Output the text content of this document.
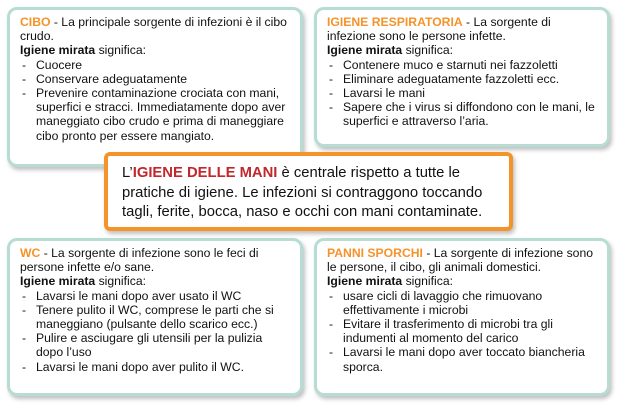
CIBO - La principale sorgente di infezioni è il cibo crudo.

Igiene mirata significa:

- Cuocere
- Conservare adeguatamente
- Prevenire contaminazione crociata con mani, superfici e stracci. Immediatamente dopo aver maneggiato cibo crudo e prima di maneggiare cibo pronto per essere mangiato.

IGIENE RESPIRATORIA - La sorgente di infezione sono le persone infette.

Igiene mirata significa:

- Contenere muco e starnuti nei fazzoletti
- Eliminare adeguatamente fazzoletti ecc.
- Lavarsi le mani
- Sapere che i virus si diffondono con le mani, le superfici e attraverso l’aria.

WC - La sorgente di infezione sono le feci di persone infette e/o sane.

Igiene mirata significa:

- Lavarsi le mani dopo aver usato il WC
- Tenere pulito il WC, comprese le parti che si maneggiano (pulsante dello scarico ecc.)
- Pulire e asciugare gli utensili per la pulizia dopo l’uso
- Lavarsi le mani dopo aver pulito il WC.

PANNI SPORCHI - La sorgente di infezione sono le persone, il cibo, gli animali domestici.

Igiene mirata significa:

- usare cicli di lavaggio che rimuovano effettivamente i microbi
- Evitare il trasferimento di microbi tra gli indumenti al momento del carico
- Lavarsi le mani dopo aver toccato biancheria sporca.
L’IGIENE DELLE MANI è centrale rispetto a tutte le pratiche di igiene. Le infezioni si contraggono toccando tagli, ferite, bocca, naso e occhi con mani contaminate.
